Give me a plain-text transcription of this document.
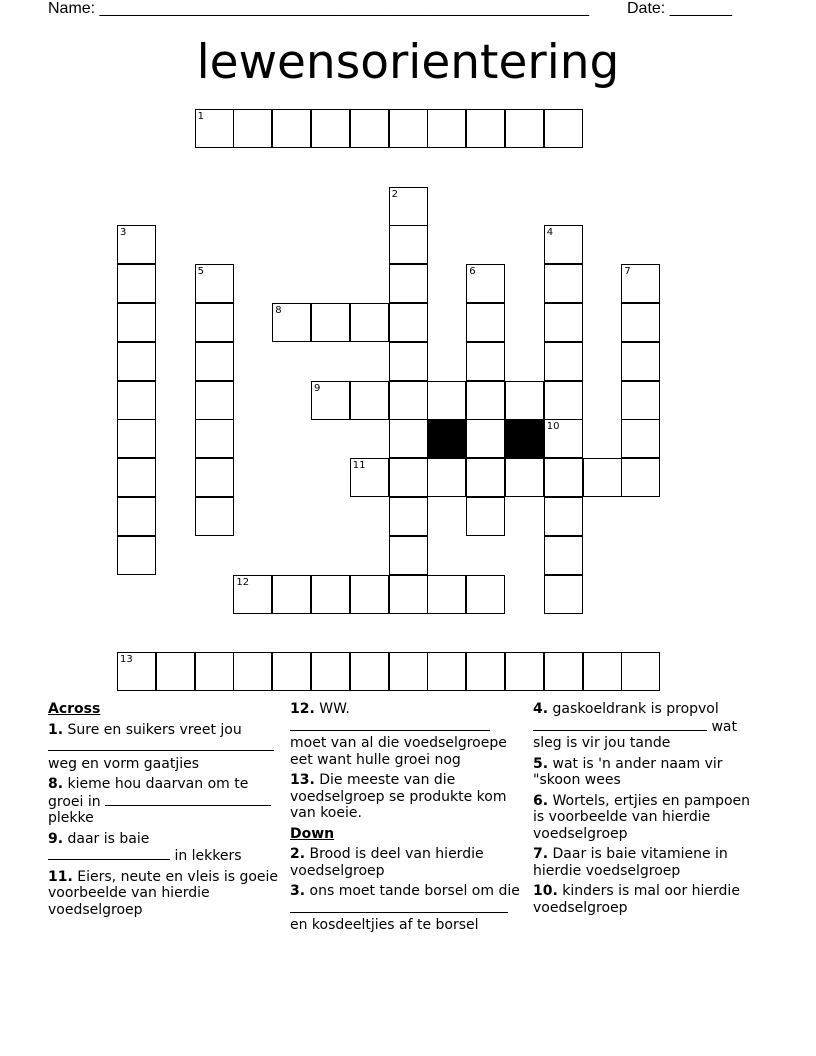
Name: _______________________________________________________ Date: _______
lewensorientering
1
2
3	4
5	6	7
8
9
10
11
12
13
Across
1. Sure en suikers vreet jou

weg en vorm gaatjies
8. kieme hou daarvan om te groei in
plekke
9. daar is baie
in lekkers
11. Eiers, neute en vleis is goeie voorbeelde van hierdie voedselgroep
12. WW.

moet van al die voedselgroepe eet want hulle groei nog
13. Die meeste van die voedselgroep se produkte kom van koeie.
Down
2. Brood is deel van hierdie voedselgroep
3. ons moet tande borsel om die

en kosdeeltjies af te borsel
4. gaskoeldrank is propvol
wat sleg is vir jou tande
5. wat is 'n ander naam vir "skoon wees
6. Wortels, ertjies en pampoen is voorbeelde van hierdie voedselgroep
7. Daar is baie vitamiene in hierdie voedselgroep
10. kinders is mal oor hierdie voedselgroep
